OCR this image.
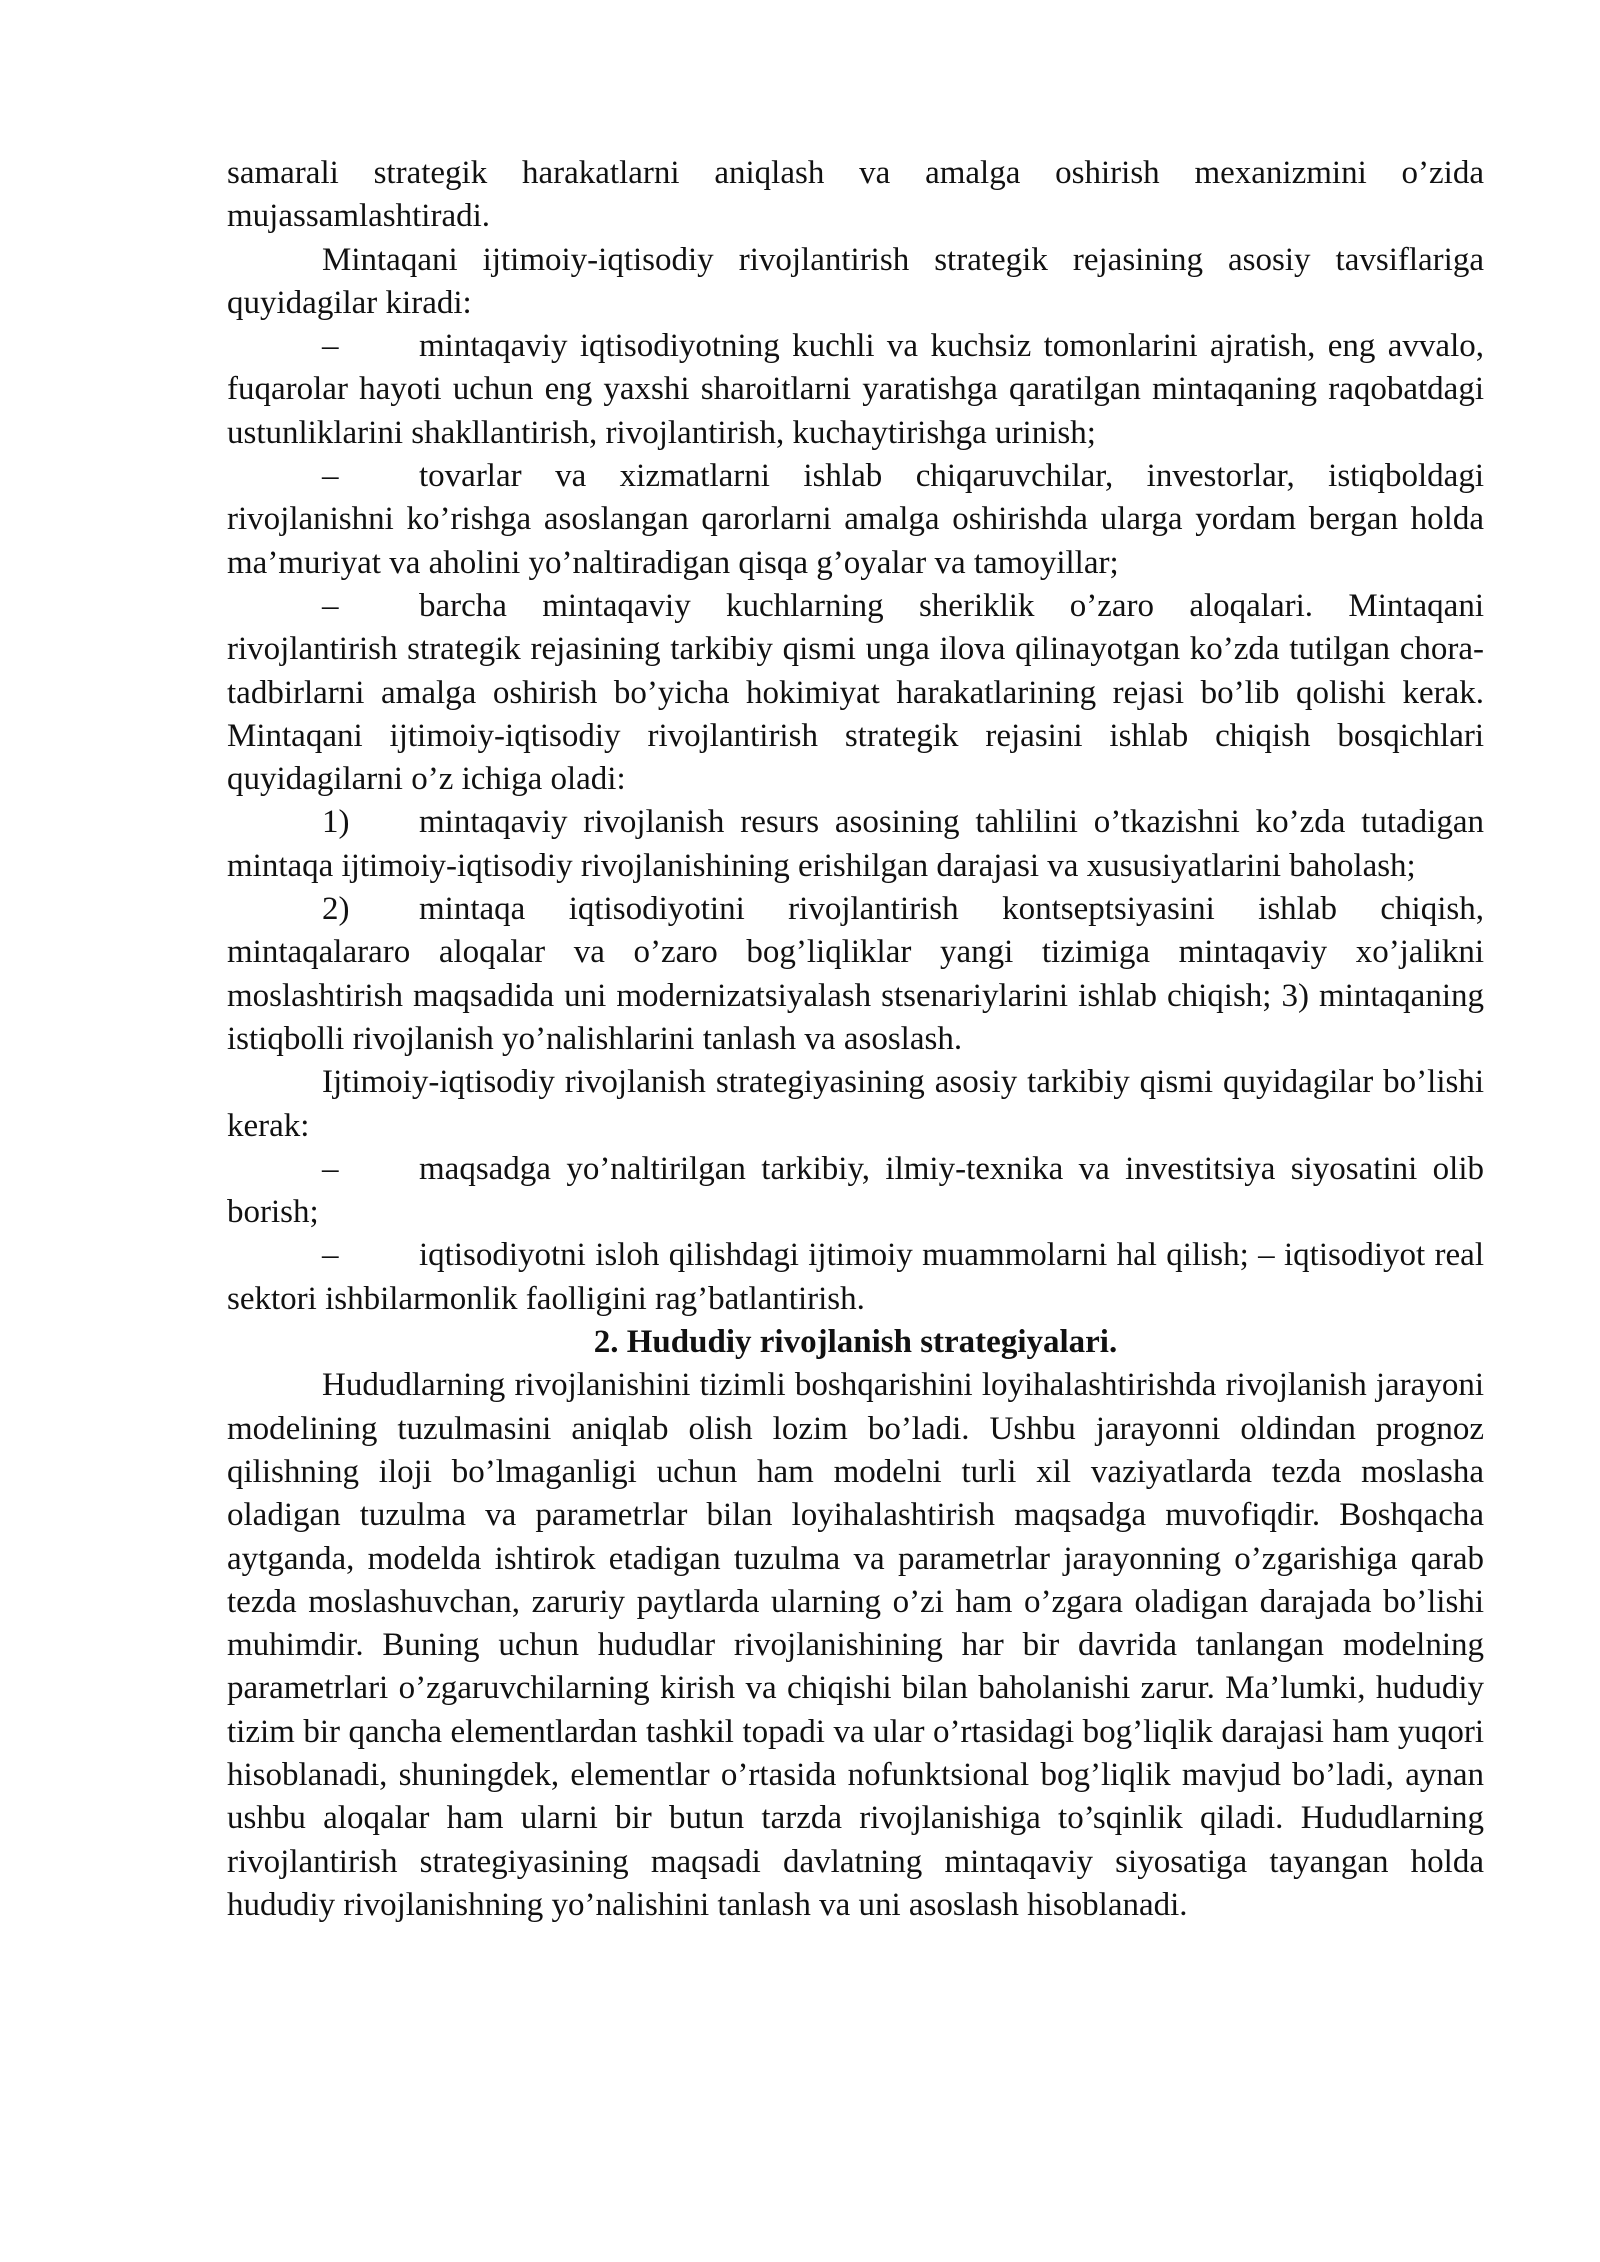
samarali strategik harakatlarni aniqlash va amalga oshirish mexanizmini o’zida mujassamlashtiradi.

Mintaqani ijtimoiy-iqtisodiy rivojlantirish strategik rejasining asosiy tavsiflariga quyidagilar kiradi:

– mintaqaviy iqtisodiyotning kuchli va kuchsiz tomonlarini ajratish, eng avvalo, fuqarolar hayoti uchun eng yaxshi sharoitlarni yaratishga qaratilgan mintaqaning raqobatdagi ustunliklarini shakllantirish, rivojlantirish, kuchaytirishga urinish;

– tovarlar va xizmatlarni ishlab chiqaruvchilar, investorlar, istiqboldagi rivojlanishni ko’rishga asoslangan qarorlarni amalga oshirishda ularga yordam bergan holda ma’muriyat va aholini yo’naltiradigan qisqa g’oyalar va tamoyillar;

– barcha mintaqaviy kuchlarning sheriklik o’zaro aloqalari. Mintaqani rivojlantirish strategik rejasining tarkibiy qismi unga ilova qilinayotgan ko’zda tutilgan chora-tadbirlarni amalga oshirish bo’yicha hokimiyat harakatlarining rejasi bo’lib qolishi kerak. Mintaqani ijtimoiy-iqtisodiy rivojlantirish strategik rejasini ishlab chiqish bosqichlari quyidagilarni o’z ichiga oladi:

1) mintaqaviy rivojlanish resurs asosining tahlilini o’tkazishni ko’zda tutadigan mintaqa ijtimoiy-iqtisodiy rivojlanishining erishilgan darajasi va xususiyatlarini baholash;

2) mintaqa iqtisodiyotini rivojlantirish kontseptsiyasini ishlab chiqish, mintaqalararo aloqalar va o’zaro bog’liqliklar yangi tizimiga mintaqaviy xo’jalikni moslashtirish maqsadida uni modernizatsiyalash stsenariylarini ishlab chiqish; 3) mintaqaning istiqbolli rivojlanish yo’nalishlarini tanlash va asoslash.

Ijtimoiy-iqtisodiy rivojlanish strategiyasining asosiy tarkibiy qismi quyidagilar bo’lishi kerak:

– maqsadga yo’naltirilgan tarkibiy, ilmiy-texnika va investitsiya siyosatini olib borish;

– iqtisodiyotni isloh qilishdagi ijtimoiy muammolarni hal qilish; – iqtisodiyot real sektori ishbilarmonlik faolligini rag’batlantirish.

2. Hududiy rivojlanish strategiyalari.

Hududlarning rivojlanishini tizimli boshqarishini loyihalashtirishda rivojlanish jarayoni modelining tuzulmasini aniqlab olish lozim bo’ladi. Ushbu jarayonni oldindan prognoz qilishning iloji bo’lmaganligi uchun ham modelni turli xil vaziyatlarda tezda moslasha oladigan tuzulma va parametrlar bilan loyihalashtirish maqsadga muvofiqdir. Boshqacha aytganda, modelda ishtirok etadigan tuzulma va parametrlar jarayonning o’zgarishiga qarab tezda moslashuvchan, zaruriy paytlarda ularning o’zi ham o’zgara oladigan darajada bo’lishi muhimdir. Buning uchun hududlar rivojlanishining har bir davrida tanlangan modelning parametrlari o’zgaruvchilarning kirish va chiqishi bilan baholanishi zarur. Ma’lumki, hududiy tizim bir qancha elementlardan tashkil topadi va ular o’rtasidagi bog’liqlik darajasi ham yuqori hisoblanadi, shuningdek, elementlar o’rtasida nofunktsional bog’liqlik mavjud bo’ladi, aynan ushbu aloqalar ham ularni bir butun tarzda rivojlanishiga to’sqinlik qiladi. Hududlarning rivojlantirish strategiyasining maqsadi davlatning mintaqaviy siyosatiga tayangan holda hududiy rivojlanishning yo’nalishini tanlash va uni asoslash hisoblanadi.
